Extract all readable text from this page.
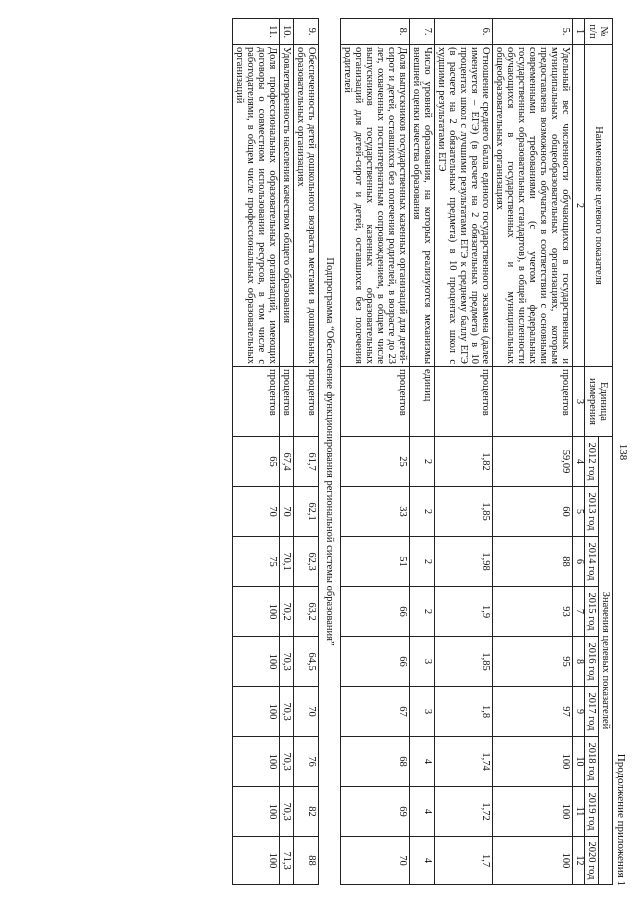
138
Продолжение приложения 1
№ п/п	Наименование целевого показателя	Единица измерения	Значения целевых показателей								
			2012 год	2013 год	2014 год	2015 год	2016 год	2017 год	2018 год	2019 год	2020 год
1	2	3	4	5	6	7	8	9	10	11	12
5.	Удельный вес численности обучающихся в государственных и муниципальных общеобразовательных организациях, которым предоставлена возможность обучаться в соответствии с основными современными требованиями (с учетом федеральных государственных образовательных стандартов), в общей численности обучающихся в государственных и муниципальных общеобразовательных организациях	процентов	59,09	60	88	93	95	97	100	100	100
6.	Отношение среднего балла единого государственного экзамена (далее именуется – ЕГЭ) (в расчете на 2 обязательных предмета) в 10 процентах школ с лучшими результатами ЕГЭ к среднему баллу ЕГЭ (в расчете на 2 обязательных предмета) в 10 процентах школ с худшими результатами ЕГЭ	процентов	1,82	1,85	1,98	1,9	1,85	1,8	1,74	1,72	1,7
7.	Число уровней образования, на которых реализуются механизмы внешней оценки качества образования	единиц	2	2	2	2	3	3	4	4	4
8.	Доля выпускников государственных казенных организаций для детей-сирот и детей, оставшихся без попечения родителей, в возрасте до 23 лет, охваченных постинтернатным сопровождением, в общем числе выпускников государственных казенных образовательных организаций для детей-сирот и детей, оставшихся без попечения родителей	процентов	25	33	51	66	66	67	68	69	70
Подпрограмма “Обеспечение функционирования региональной системы образования”											
9.	Обеспеченность детей дошкольного возраста местами в дошкольных образовательных организациях	процентов	61,7	62,1	62,3	63,2	64,5	70	76	82	88
10.	Удовлетворенность населения качеством общего образования	процентов	67,4	70	70,1	70,2	70,3	70,3	70,3	70,3	71,3
11.	Доля профессиональных образовательных организаций, имеющих договоры о совместном использовании ресурсов, в том числе с работодателями, в общем числе профессиональных образовательных организаций	процентов	65	70	75	100	100	100	100	100	100
